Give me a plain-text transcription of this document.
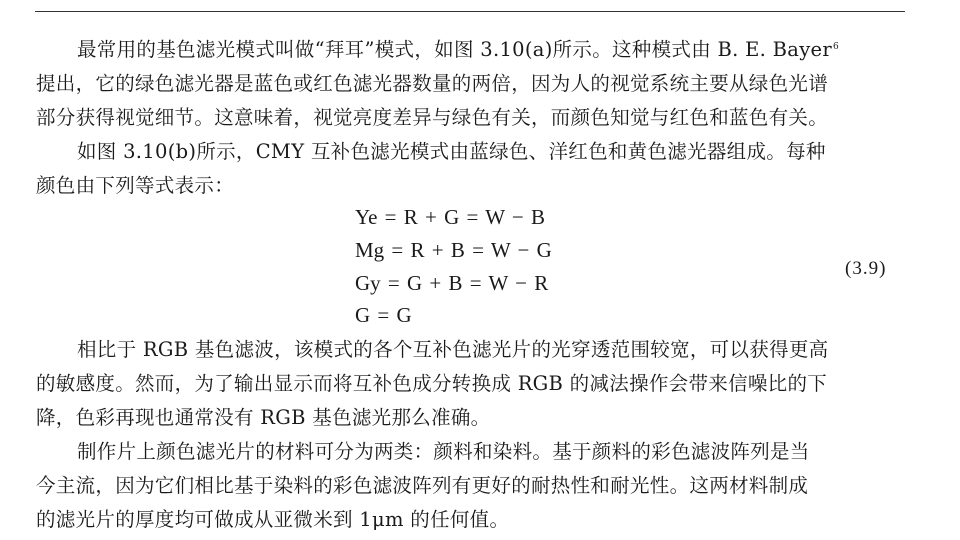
最常用的基色滤光模式叫做“拜耳”模式，如图 3.10(a)所示。这种模式由 B. E. Bayer$^6$
提出，它的绿色滤光器是蓝色或红色滤光器数量的两倍，因为人的视觉系统主要从绿色光谱
部分获得视觉细节。这意味着，视觉亮度差异与绿色有关，而颜色知觉与红色和蓝色有关。
如图 3.10(b)所示，CMY 互补色滤光模式由蓝绿色、洋红色和黄色滤光器组成。每种
颜色由下列等式表示：
Ye = R + G = W − B
Mg = R + B = W − G
Gy = G + B = W − R
G = G
(3.9)
相比于 RGB 基色滤波，该模式的各个互补色滤光片的光穿透范围较宽，可以获得更高
的敏感度。然而，为了输出显示而将互补色成分转换成 RGB 的减法操作会带来信噪比的下
降，色彩再现也通常没有 RGB 基色滤光那么准确。
制作片上颜色滤光片的材料可分为两类：颜料和染料。基于颜料的彩色滤波阵列是当
今主流，因为它们相比基于染料的彩色滤波阵列有更好的耐热性和耐光性。这两材料制成
的滤光片的厚度均可做成从亚微米到 1μm 的任何值。
